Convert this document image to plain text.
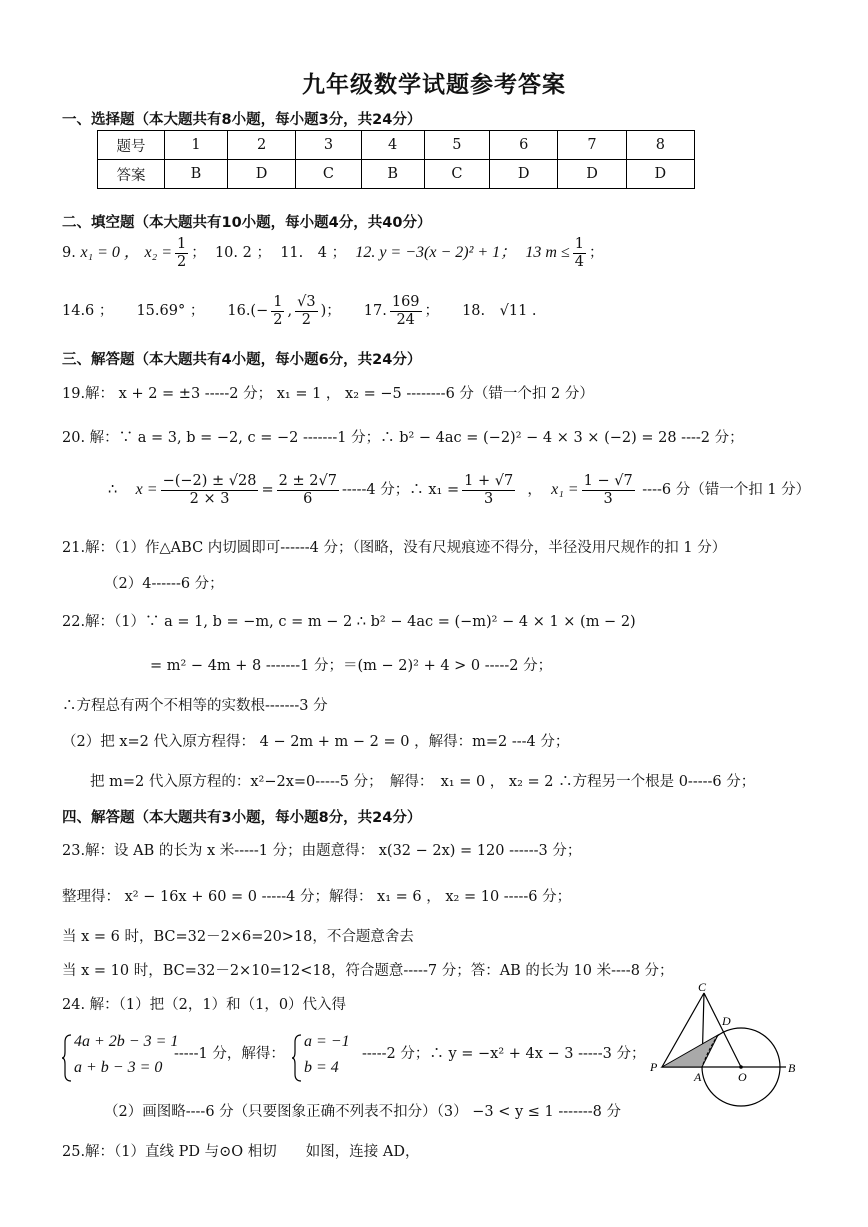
九年级数学试题参考答案
一、选择题（本大题共有8小题，每小题3分，共24分）
题号	1	2	3	4	5	6	7	8
答案	B	D	C	B	C	D	D	D
二、填空题（本大题共有10小题，每小题4分，共40分）
9. x₁ = 0 ， $x_2 = \frac{1}{2}$ ； 10. 2 ； 11.　4 ； 12. y = −3(x − 2)² + 1； 13 $m \le \frac{1}{4}$ ；
14.6 ； 15.69° ； $16.(- \frac{1}{2}$ , $\frac{√3}{2}$ )； 17. $\frac{169}{24}$ ； 18.　√11 .
三、解答题（本大题共有4小题，每小题6分，共24分）
19.解： x + 2 = ±3 -----2 分； x₁ = 1 ， x₂ = −5 --------6 分（错一个扣 2 分）
20. 解：∵ a = 3, b = −2, c = −2 -------1 分；∴ b² − 4ac = (−2)² − 4 × 3 × (−2) = 28 ----2 分；
∴ $x = \frac{-(-2) \pm √28}{2 \times 3} = \frac{2 \pm 2√7}{6} -----4$ 分；∴ $x_1 = \frac{1 + √7}{3}$ ， $x_1 = \frac{1 - √7}{3} ----6$ 分（错一个扣 1 分）
21.解：（1）作△ABC 内切圆即可------4 分；（图略，没有尺规痕迹不得分，半径没用尺规作的扣 1 分）
（2）4------6 分；
22.解：（1）∵ a = 1, b = −m, c = m − 2 ∴ b² − 4ac = (−m)² − 4 × 1 × (m − 2)
= m² − 4m + 8 -------1 分；＝(m − 2)² + 4 > 0 -----2 分；
∴方程总有两个不相等的实数根-------3 分
（2）把 x=2 代入原方程得： 4 − 2m + m − 2 = 0 ，解得：m=2 ---4 分；
把 m=2 代入原方程的：x²−2x=0-----5 分；　解得：　x₁ = 0 ， x₂ = 2 ∴方程另一个根是 0-----6 分；
四、解答题（本大题共有3小题，每小题8分，共24分）
23.解：设 AB 的长为 x 米-----1 分；由题意得： x(32 − 2x) = 120 ------3 分；
整理得： x² − 16x + 60 = 0 -----4 分；解得： x₁ = 6 ， x₂ = 10 -----6 分；
当 x = 6 时，BC=32－2×6=20>18，不合题意舍去
当 x = 10 时，BC=32－2×10=12<18，符合题意-----7 分；答：AB 的长为 10 米----8 分；
24. 解：（1）把（2，1）和（1，0）代入得
4a + 2b − 3 = 1
a + b − 3 = 0
-----1 分，解得：
a = −1
b = 4
-----2 分；∴ y = −x² + 4x − 3 -----3 分；
（2）画图略----6 分（只要图象正确不列表不扣分）（3） −3 < y ≤ 1 -------8 分
25.解：（1）直线 PD 与⊙O 相切　　如图，连接 AD，
C
D
P
A	O
B
